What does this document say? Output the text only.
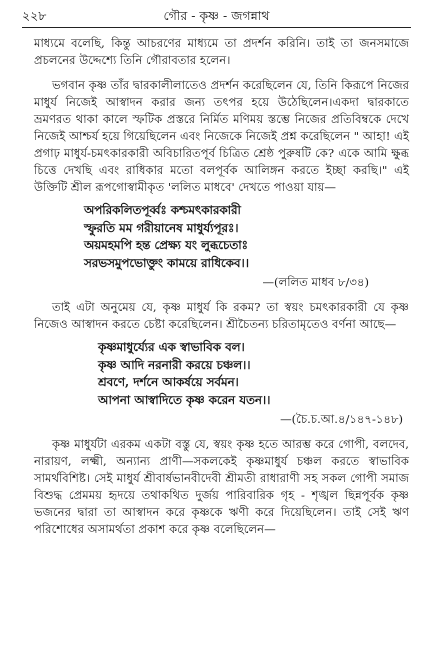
২২৮	গৌর - কৃষ্ণ - জগন্নাথ

মাধ্যমে বলেছি, কিন্তু আচরণের মাধ্যমে তা প্রদর্শন করিনি। তাই তা জনসমাজে প্রচলনের উদ্দেশ্যে তিনি গৌরাবতার হলেন।

ভগবান কৃষ্ণ তাঁর দ্বারকালীলাতেও প্রদর্শন করেছিলেন যে, তিনি কিরূপে নিজের মাধুর্য নিজেই আস্বাদন করার জন্য তৎপর হয়ে উঠেছিলেন।একদা দ্বারকাতে ভ্রমণরত থাকা কালে স্ফটিক প্রস্তরে নির্মিত মণিময় স্তম্ভে নিজের প্রতিবিম্বকে দেখে নিজেই আশ্চর্য হয়ে গিয়েছিলেন এবং নিজেকে নিজেই প্রশ্ন করেছিলেন " আহা! এই প্রগাঢ় মাধুর্য-চমৎকারকারী অবিচারিতপূর্ব চিত্রিত শ্রেষ্ঠ পুরুষটি কে? একে আমি ক্ষুব্ধ চিত্তে দেখছি এবং রাধিকার মতো বলপূর্বক আলিঙ্গন করতে ইচ্ছা করছি।" এই উক্তিটি শ্রীল রূপগোস্বামীকৃত 'ললিত মাধবে' দেখতে পাওয়া যায়—

অপরিকলিতপূর্ব্বঃ কশ্চমৎকারকারী
স্ফুরতি মম গরীয়ানেষ মাধুর্য্যপূরঃ।
অয়মহমপি হন্ত প্রেক্ষ্য যং লুব্ধচেতাঃ
সরভসমুপভোক্তুং কাময়ে রাধিকেব।।
—(ললিত মাধব ৮/৩৪)

তাই এটা অনুমেয় যে, কৃষ্ণ মাধুর্য কি রকম? তা স্বয়ং চমৎকারকারী যে কৃষ্ণ নিজেও আস্বাদন করতে চেষ্টা করেছিলেন। শ্রীচৈতন্য চরিতামৃতেও বর্ণনা আছে—

কৃষ্ণমাধুর্য্যের এক স্বাভাবিক বল।
কৃষ্ণ আদি নরনারী করয়ে চঞ্চল।।
শ্রবণে, দর্শনে আকর্ষয়ে সর্বমন।
আপনা আস্বাদিতে কৃষ্ণ করেন যতন।।
—(চৈ.চ.আ.৪/১৪৭-১৪৮)

কৃষ্ণ মাধুর্যটা এরকম একটা বস্তু যে, স্বয়ং কৃষ্ণ হতে আরম্ভ করে গোপী, বলদেব, নারায়ণ, লক্ষ্মী, অন্যান্য প্রাণী—সকলকেই কৃষ্ণমাধুর্য চঞ্চল করতে স্বাভাবিক সামর্থবিশিষ্ট। সেই মাধুর্য শ্রীবার্ষভানবীদেবী শ্রীমতী রাধারাণী সহ সকল গোপী সমাজ বিশুদ্ধ প্রেমময় হৃদয়ে তথাকথিত দুর্জয় পারিবারিক গৃহ - শৃঙ্খল ছিন্নপূর্বক কৃষ্ণ ভজনের দ্বারা তা আস্বাদন করে কৃষ্ণকে ঋণী করে দিয়েছিলেন। তাই সেই ঋণ পরিশোধের অসামর্থতা প্রকাশ করে কৃষ্ণ বলেছিলেন—
